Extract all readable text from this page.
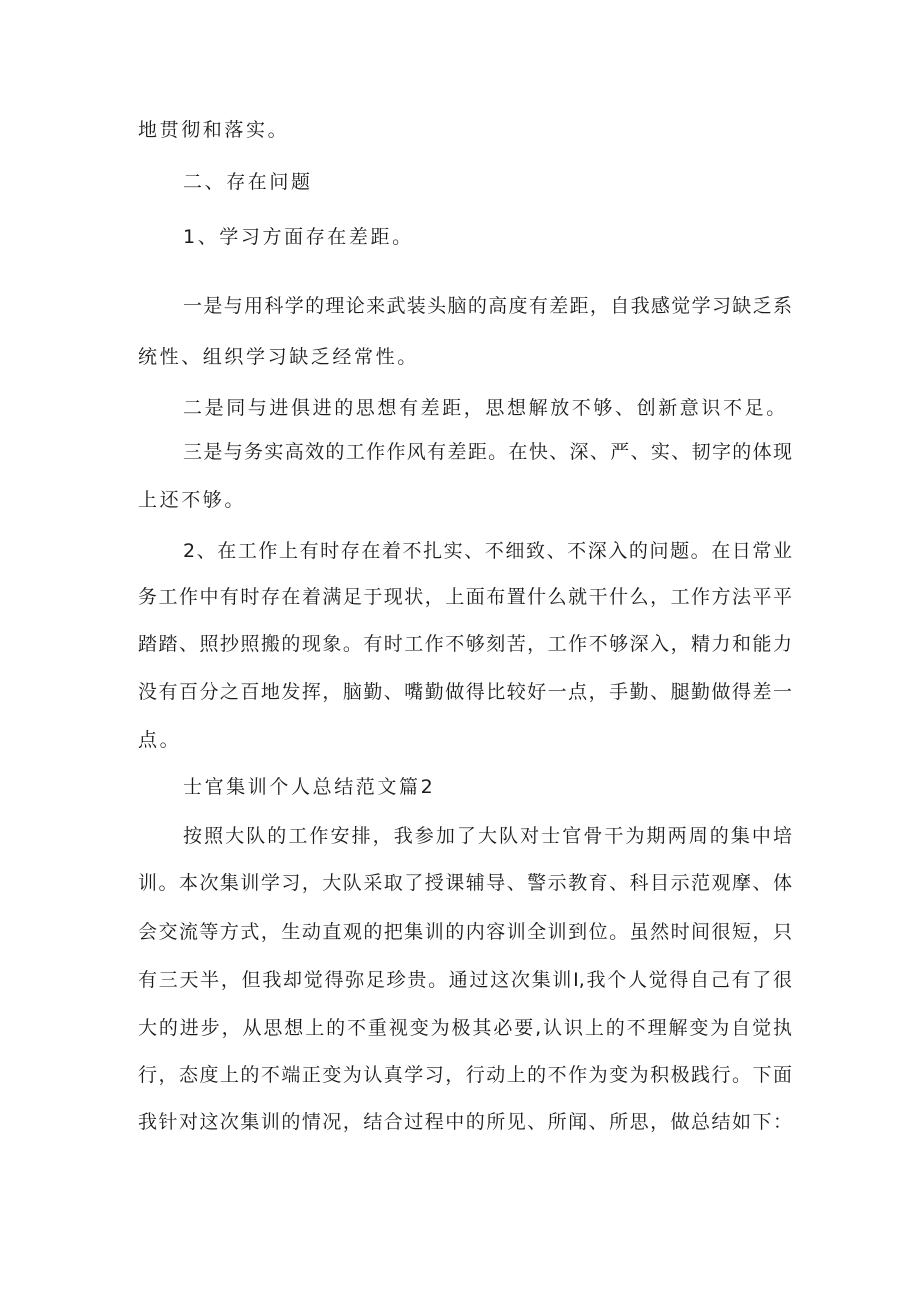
地贯彻和落实。
二、存在问题
1、学习方面存在差距。
一是与用科学的理论来武装头脑的高度有差距，自我感觉学习缺乏系
统性、组织学习缺乏经常性。
二是同与进俱进的思想有差距，思想解放不够、创新意识不足。
三是与务实高效的工作作风有差距。在快、深、严、实、韧字的体现
上还不够。
2、在工作上有时存在着不扎实、不细致、不深入的问题。在日常业
务工作中有时存在着满足于现状，上面布置什么就干什么，工作方法平平
踏踏、照抄照搬的现象。有时工作不够刻苦，工作不够深入，精力和能力
没有百分之百地发挥，脑勤、嘴勤做得比较好一点，手勤、腿勤做得差一
点。
士官集训个人总结范文篇2
按照大队的工作安排，我参加了大队对士官骨干为期两周的集中培
训。本次集训学习，大队采取了授课辅导、警示教育、科目示范观摩、体
会交流等方式，生动直观的把集训的内容训全训到位。虽然时间很短，只
有三天半，但我却觉得弥足珍贵。通过这次集训I,我个人觉得自己有了很
大的进步，从思想上的不重视变为极其必要,认识上的不理解变为自觉执
行，态度上的不端正变为认真学习，行动上的不作为变为积极践行。下面
我针对这次集训的情况，结合过程中的所见、所闻、所思，做总结如下：
